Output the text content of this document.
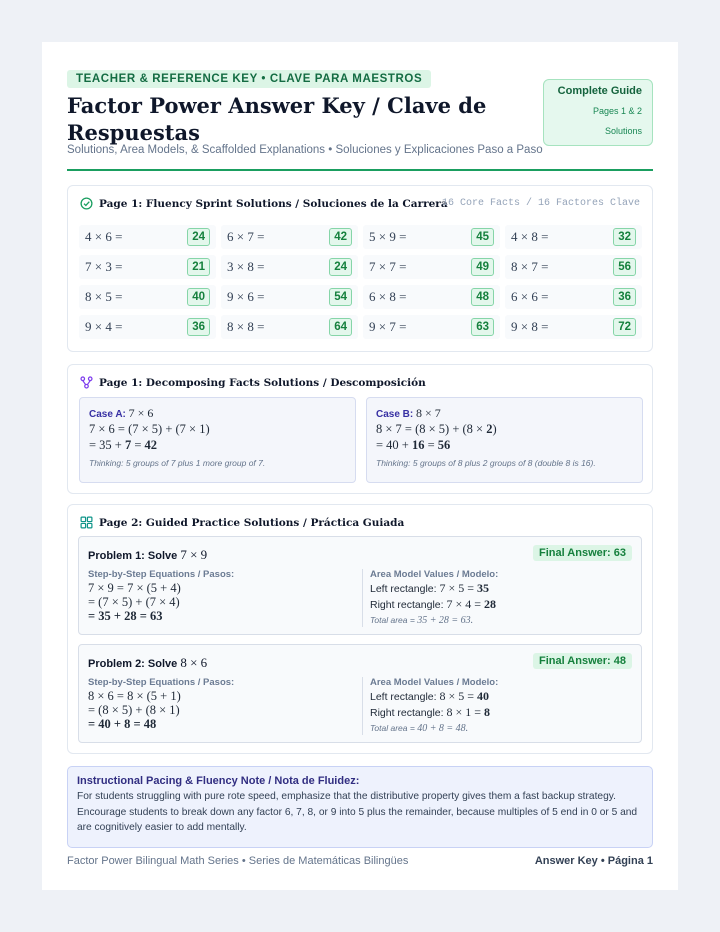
TEACHER & REFERENCE KEY • CLAVE PARA MAESTROS
Factor Power Answer Key / Clave de Respuestas
Solutions, Area Models, & Scaffolded Explanations • Soluciones y Explicaciones Paso a Paso
Complete Guide
Pages 1 & 2
Solutions
Page 1: Fluency Sprint Solutions / Soluciones de la Carrera
16 Core Facts / 16 Factores Clave
4 × 6 =	24	6 × 7 =	42	5 × 9 =	45	4 × 8 =	32
7 × 3 =	21	3 × 8 =	24	7 × 7 =	49	8 × 7 =	56
8 × 5 =	40	9 × 6 =	54	6 × 8 =	48	6 × 6 =	36
9 × 4 =	36	8 × 8 =	64	9 × 7 =	63	9 × 8 =	72
Page 1: Decomposing Facts Solutions / Descomposición
Case A: 7 × 6
7 × 6 = (7 × 5) + (7 × 1)
= 35 + 7 = 42
Thinking: 5 groups of 7 plus 1 more group of 7.
Case B: 8 × 7
8 × 7 = (8 × 5) + (8 × 2)
= 40 + 16 = 56
Thinking: 5 groups of 8 plus 2 groups of 8 (double 8 is 16).
Page 2: Guided Practice Solutions / Práctica Guiada
Problem 1: Solve 7 × 9	Final Answer: 63
Step-by-Step Equations / Pasos:
7 × 9 = 7 × (5 + 4)
= (7 × 5) + (7 × 4)
= 35 + 28 = 63
Area Model Values / Modelo:
Left rectangle: 7 × 5 = 35
Right rectangle: 7 × 4 = 28
Total area = 35 + 28 = 63.
Problem 2: Solve 8 × 6	Final Answer: 48
Step-by-Step Equations / Pasos:
8 × 6 = 8 × (5 + 1)
= (8 × 5) + (8 × 1)
= 40 + 8 = 48
Area Model Values / Modelo:
Left rectangle: 8 × 5 = 40
Right rectangle: 8 × 1 = 8
Total area = 40 + 8 = 48.
Instructional Pacing & Fluency Note / Nota de Fluidez:
For students struggling with pure rote speed, emphasize that the distributive property gives them a fast backup strategy. Encourage students to break down any factor 6, 7, 8, or 9 into 5 plus the remainder, because multiples of 5 end in 0 or 5 and are cognitively easier to add mentally.
Factor Power Bilingual Math Series • Series de Matemáticas Bilingües	Answer Key • Página 1
